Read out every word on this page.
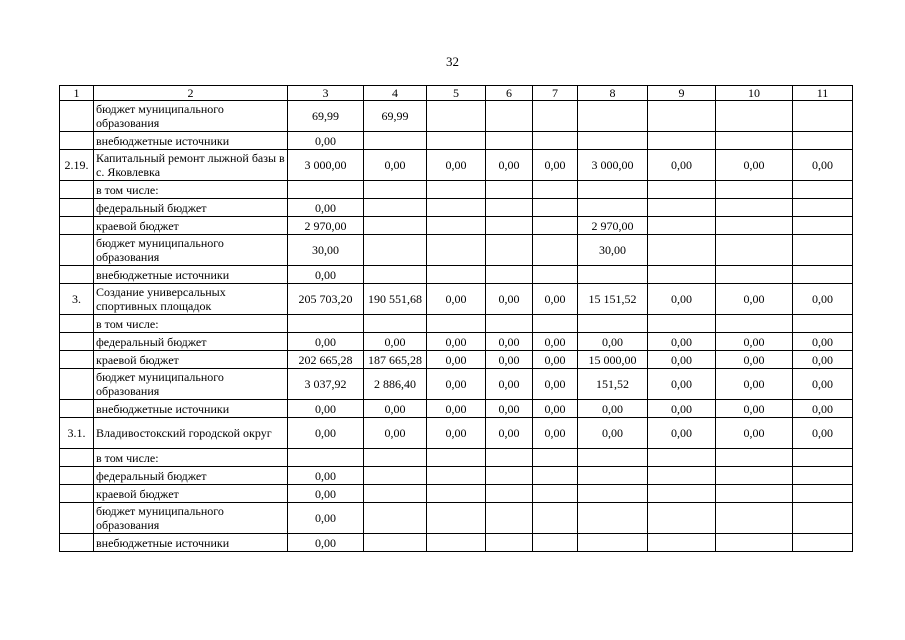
32
1	2	3	4	5	6	7	8	9	10	11
	бюджет муниципального образования	69,99	69,99							
	внебюджетные источники	0,00								
2.19.	Капитальный ремонт лыжной базы в с. Яковлевка	3 000,00	0,00	0,00	0,00	0,00	3 000,00	0,00	0,00	0,00
	в том числе:									
	федеральный бюджет	0,00								
	краевой бюджет	2 970,00					2 970,00			
	бюджет муниципального образования	30,00					30,00			
	внебюджетные источники	0,00								
3.	Создание универсальных спортивных площадок	205 703,20	190 551,68	0,00	0,00	0,00	15 151,52	0,00	0,00	0,00
	в том числе:									
	федеральный бюджет	0,00	0,00	0,00	0,00	0,00	0,00	0,00	0,00	0,00
	краевой бюджет	202 665,28	187 665,28	0,00	0,00	0,00	15 000,00	0,00	0,00	0,00
	бюджет муниципального образования	3 037,92	2 886,40	0,00	0,00	0,00	151,52	0,00	0,00	0,00
	внебюджетные источники	0,00	0,00	0,00	0,00	0,00	0,00	0,00	0,00	0,00
3.1.	Владивостокский городской округ	0,00	0,00	0,00	0,00	0,00	0,00	0,00	0,00	0,00
	в том числе:									
	федеральный бюджет	0,00								
	краевой бюджет	0,00								
	бюджет муниципального образования	0,00								
	внебюджетные источники	0,00								
